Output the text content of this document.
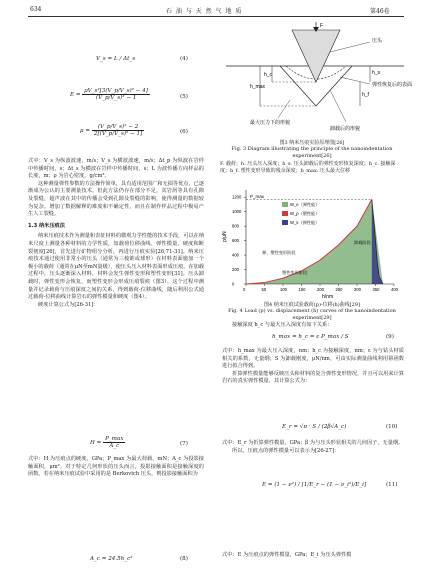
634	石 油 与 天 然 气 地 质	第46卷
V_s = L / Δt_s	(4)
$E = \frac{\text{ρV\_s²[3(V\_p/V\_s)² − 4]}}{\text{(V\_p/V\_s)² − 1}}$	(5)
$\mu = \frac{\text{(V\_p/V\_s)² − 2}}{\text{2[(V\_p/V\_s)² − 1]}}$	(6)

式中：V_s 为纵波波速，m/s；V_s 为横波波速，m/s；Δt_p 为纵波在岩样中传播时间，s；Δt_s 为横波在岩样中传播时间，s；L 为波传播方向样品的长度，m；ρ 为岩心密度，g/cm³。

这种测量弹性参数的方法操作简单，具有适用范围广和无损等优点，已逐渐成为公认的主要测量技术。但此方法仍存在部分不足，其岩屑等具有孔隙及裂缝，超声波在其中的传播会受到孔隙及裂缝的影响，使得测量的数据较为复杂。增加了数据解释的难度和不确定性，而且在制作样品过程中极易产生人工裂缝。

1.3 纳米压痕法

纳米压痕技术作为测量和表征材料的微观力学性能的技术手段，可以在纳米尺度上测量各种材料的力学性质，如载荷位移曲线、弹性模量、硬度和断裂韧度[26]，首先进行矿物组分分析，再进行压痕实验[26,71-31]。纳米压痕技术通过使用非常小的压头（通常为三棱锥或球形）在材料表面施加一个极小的载荷（通常在μN至mN量级），使压头压入材料表面形成压痕。在加载过程中，压头逐渐深入材料，材料会发生弹性变形和塑性变形[31]。压头卸载时，弹性变形会恢复，而塑性变形会形成压痕裂痕（图3）。这个过程中测量并记录载荷与压痕深度之间的关系，得到载荷-位移曲线，随后利用公式通过载荷-位移曲线计算岩石的弹性模量和硬度（图4）。

硬度计算公式为[26-31]：

$H = \frac{P\_\max}{A\_c}$	(7)

式中：H 为压痕点的硬度，GPa；P_max 为最大荷载，mN；A_c 为投影接触面积，μm²。对于特定几何形状的压头而言，投影接触面积是接触深度的函数。若在纳米压痕试验中采用的是 Berkovich 压头，则投影接触面积为

A_c = 24.5h_c²	(8)
F
压头
弹性恢复后的表面
h_max
h_c
h_f
h_s
最大压力下的形貌
卸载后的形貌
图3 纳米压痕实验原理图[26]
Fig. 3 Diagram illustrating the principle of the nanoindentation experiment[26]
F. 载荷；h. 压头压入深度；h_s. 压头卸载后的弹性变形恢复深度；h_c. 接触深度；h_f. 塑性变形导致的残余深度；h_max. 压头最大位移
0	50	100	150	200	250	300	350	400
0
200
400
600
800
1000
1200
p/μN
h/nm
P_max
W_e（弹性能）
W_p（塑性能）
W_s（弹性能）
弹、塑性变形阶段
卸载阶段
塑性变形阶段
图4 纳米压痕试验载荷(p)-位移(h)曲线[29]
Fig. 4 Load (p) vs. displacement (h) curves of the nanoindentation experiment[29]

接触深度 h_c 与最大压入深度有如下关系：

h_max = h_c = ε P_max / S	(9)

式中：h_max 为最大压入深度，nm；h_c 为接触深度，nm；ε 为与钻头材质相关的系数，无量纲；S 为卸载刚度，μN/nm，可由实际测量曲线利用幂函数进行拟合得到。

折算弹性模量能够反映压头和材料的复合弹性变形情况，并且可以用来计算岩石的真实弹性模量，其计算公式为：

E_r = √π · S / (2β√A_c)	(10)

式中：E_r 为折算弹性模量，GPa；β 为与压头形状相关的几何因子，无量纲。

所以，压痕点的弹性模量可以表示为[26-27]：

E = (1 − ν²) / [1/E_r − (1 − ν_i²)/E_i]	(11)

式中：E 为压痕点的弹性模量，GPa；E_i 为压头弹性模
